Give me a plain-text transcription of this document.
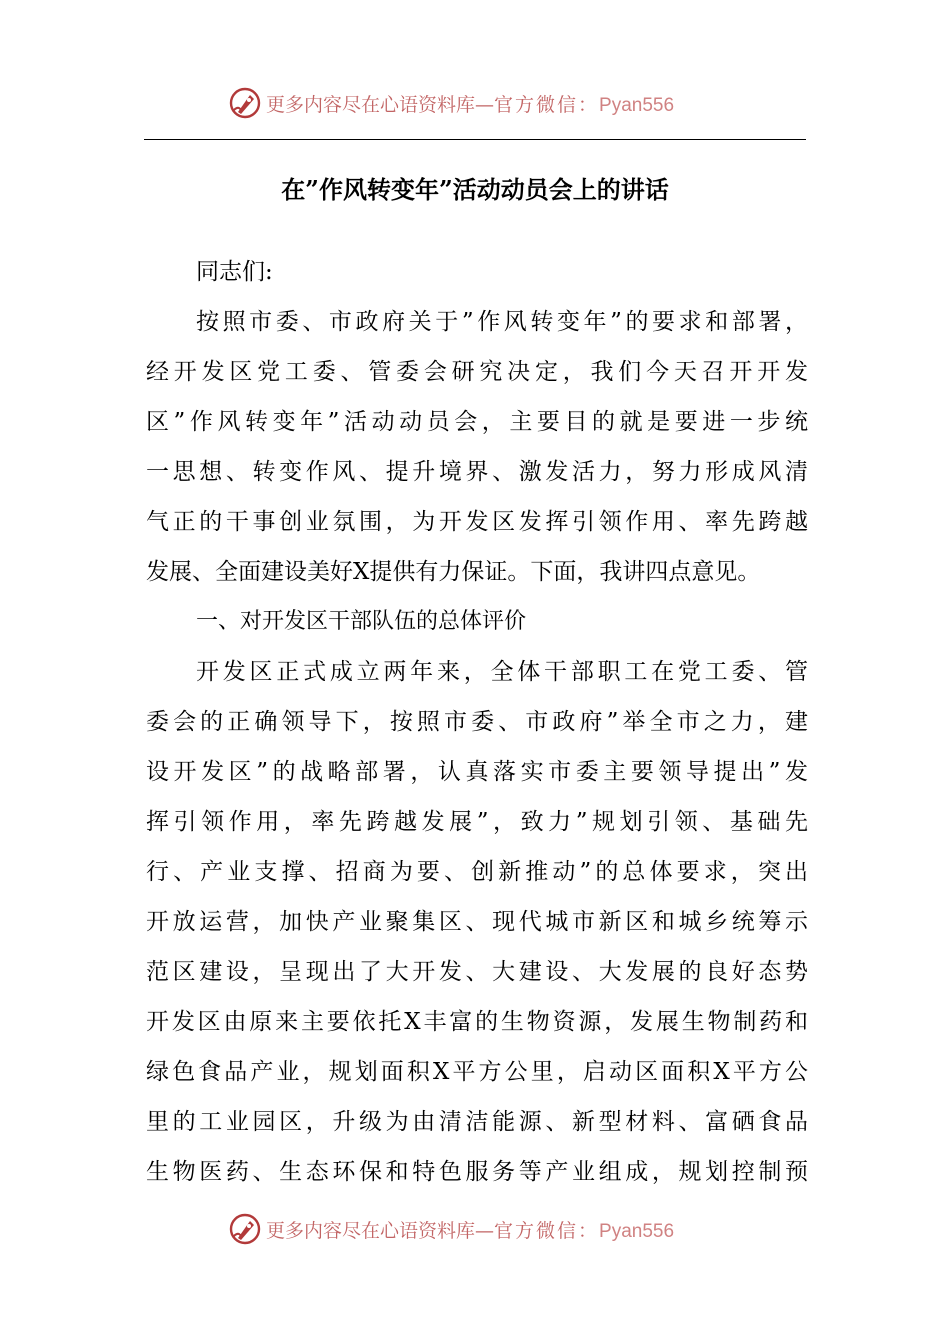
更多内容尽在心语资料库—官方微信：Pyan556
在”作风转变年”活动动员会上的讲话
同志们:
按照市委、市政府关于”作风转变年”的要求和部署，
经开发区党工委、管委会研究决定，我们今天召开开发
区”作风转变年”活动动员会，主要目的就是要进一步统
一思想、转变作风、提升境界、激发活力，努力形成风清
气正的干事创业氛围，为开发区发挥引领作用、率先跨越
发展、全面建设美好X提供有力保证。下面，我讲四点意见。
一、对开发区干部队伍的总体评价
开发区正式成立两年来，全体干部职工在党工委、管
委会的正确领导下，按照市委、市政府”举全市之力，建
设开发区”的战略部署，认真落实市委主要领导提出”发
挥引领作用，率先跨越发展”，致力”规划引领、基础先
行、产业支撑、招商为要、创新推动”的总体要求，突出
开放运营，加快产业聚集区、现代城市新区和城乡统筹示
范区建设，呈现出了大开发、大建设、大发展的良好态势
开发区由原来主要依托X丰富的生物资源，发展生物制药和
绿色食品产业，规划面积X平方公里，启动区面积X平方公
里的工业园区，升级为由清洁能源、新型材料、富硒食品
生物医药、生态环保和特色服务等产业组成，规划控制预
更多内容尽在心语资料库—官方微信：Pyan556
